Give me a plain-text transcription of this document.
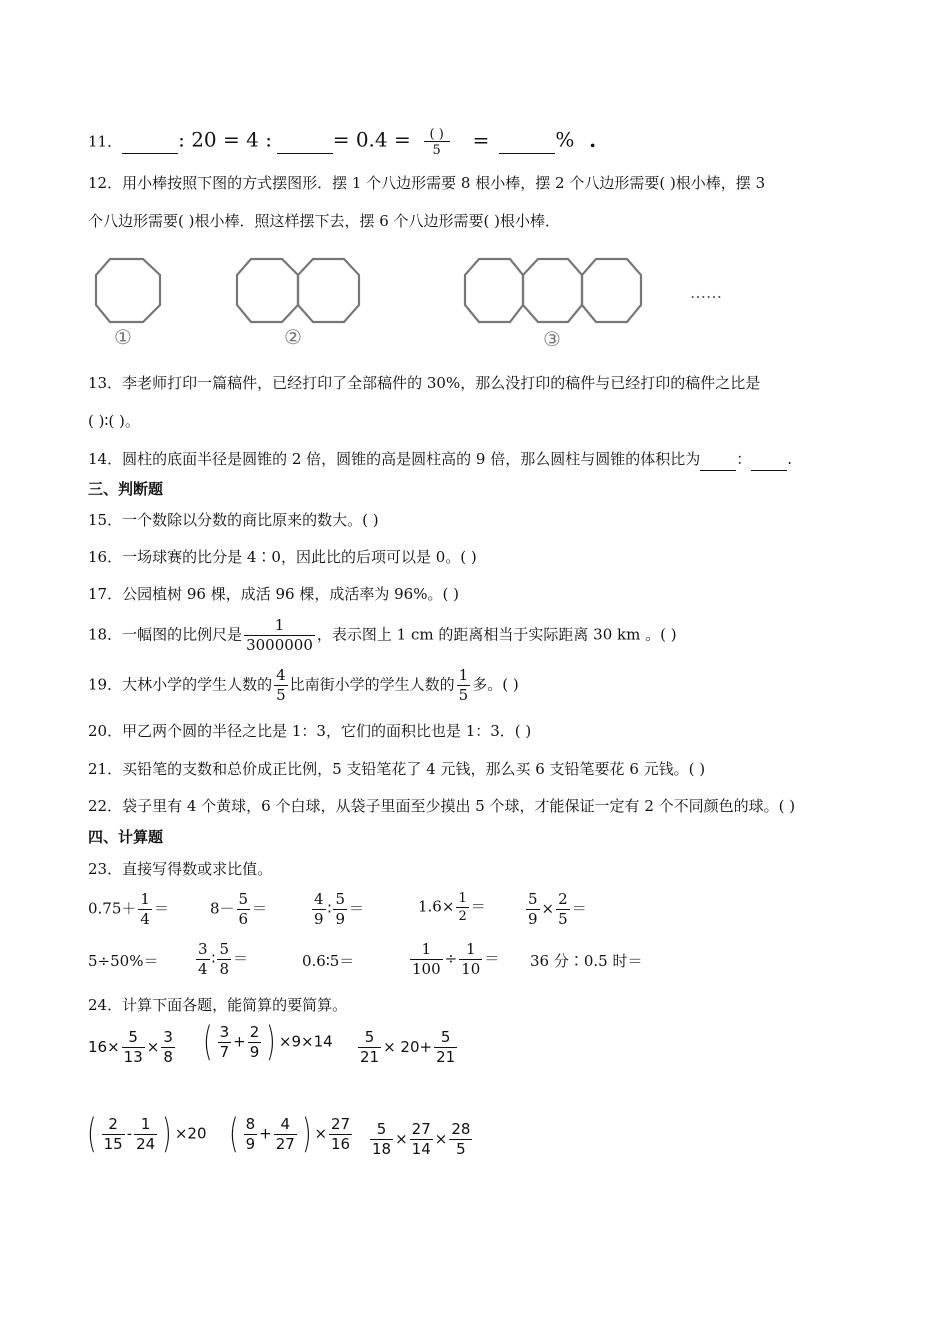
11．	: 20 = 4 :	= 0.4 =	( )
5	=	% .
12．用小棒按照下图的方式摆图形．摆 1 个八边形需要 8 根小棒，摆 2 个八边形需要( )根小棒，摆 3
个八边形需要( )根小棒．照这样摆下去，摆 6 个八边形需要( )根小棒．
①	②	③
……
13．李老师打印一篇稿件，已经打印了全部稿件的 30%，那么没打印的稿件与已经打印的稿件之比是
( )∶( )。
14．圆柱的底面半径是圆锥的 2 倍，圆锥的高是圆柱高的 9 倍，那么圆柱与圆锥的体积比为 ： .
三、判断题
15．一个数除以分数的商比原来的数大。( )
16．一场球赛的比分是 4∶0，因此比的后项可以是 0。( )
17．公园植树 96 棵，成活 96 棵，成活率为 96%。( )
18．一幅图的比例尺是 $\frac{1}{3000000}$ ，表示图上 1 cm 的距离相当于实际距离 30 km 。( )
19．大林小学的学生人数的 $\frac{4}{5}$ 比南街小学的学生人数的 $\frac{1}{5}$ 多。( )
20．甲乙两个圆的半径之比是 1：3，它们的面积比也是 1：3．( )
21．买铅笔的支数和总价成正比例，5 支铅笔花了 4 元钱，那么买 6 支铅笔要花 6 元钱。( )
22．袋子里有 4 个黄球，6 个白球，从袋子里面至少摸出 5 个球，才能保证一定有 2 个不同颜色的球。( )
四、计算题
23．直接写得数或求比值。
$0.75+ \frac{1}{4}$ ＝	$8- \frac{5}{6}$ ＝	$\frac{4}{9}$ ∶ $\frac{5}{9}$ ＝	$1.6\times \frac{1}{2}$ ＝	$\frac{5}{9} \times \frac{2}{5}$ ＝
5÷50%＝	$\frac{3}{4}$ ∶ $\frac{5}{8}$ ＝	0.6∶5＝	$\frac{1}{100} \div \frac{1}{10} = 36$ 分∶0.5 时＝
24．计算下面各题，能简算的要简算。
$16\times \frac{5}{13} \times \frac{3}{8}$ ( $\frac{3}{7} + \frac{2}{9}$ ) $\times 9\times 14 \frac{5}{21} \times 20+ \frac{5}{21}$
( $\frac{2}{15} - \frac{1}{24}$ ) ×20 ( $\frac{8}{9} + \frac{4}{27}$ ) × $\frac{27}{16} \frac{5}{18} \times \frac{27}{14} \times \frac{28}{5}$
